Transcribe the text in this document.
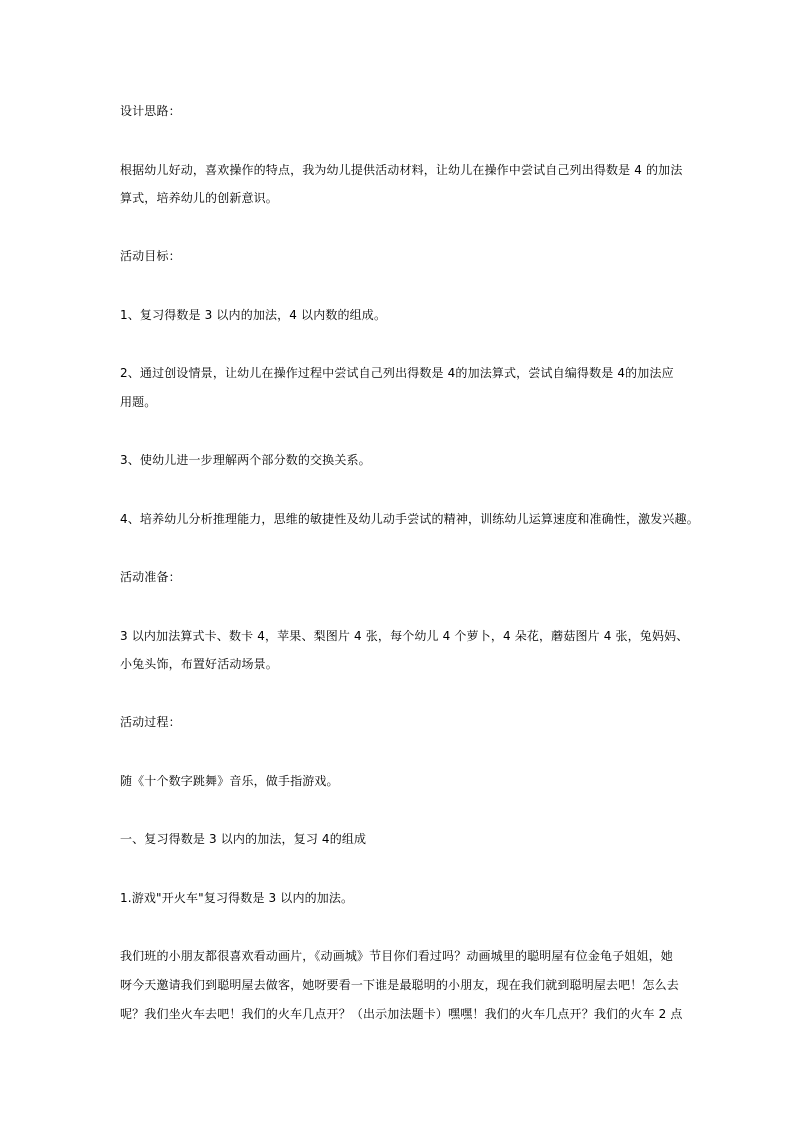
设计思路：
根据幼儿好动，喜欢操作的特点，我为幼儿提供活动材料，让幼儿在操作中尝试自己列出得数是 4 的加法
算式，培养幼儿的创新意识。
活动目标：
1、复习得数是 3 以内的加法，4 以内数的组成。
2、通过创设情景，让幼儿在操作过程中尝试自己列出得数是 4的加法算式，尝试自编得数是 4的加法应
用题。
3、使幼儿进一步理解两个部分数的交换关系。
4、培养幼儿分析推理能力，思维的敏捷性及幼儿动手尝试的精神，训练幼儿运算速度和准确性，激发兴趣。
活动准备：
3 以内加法算式卡、数卡 4，苹果、梨图片 4 张，每个幼儿 4 个萝卜，4 朵花，蘑菇图片 4 张，兔妈妈、
小兔头饰，布置好活动场景。
活动过程：
随《十个数字跳舞》音乐，做手指游戏。
一、复习得数是 3 以内的加法，复习 4的组成
1.游戏"开火车"复习得数是 3 以内的加法。
我们班的小朋友都很喜欢看动画片，《动画城》节目你们看过吗？动画城里的聪明屋有位金龟子姐姐，她
呀今天邀请我们到聪明屋去做客，她呀要看一下谁是最聪明的小朋友，现在我们就到聪明屋去吧！怎么去
呢？我们坐火车去吧！我们的火车几点开？（出示加法题卡）嘿嘿！我们的火车几点开？我们的火车 2 点
